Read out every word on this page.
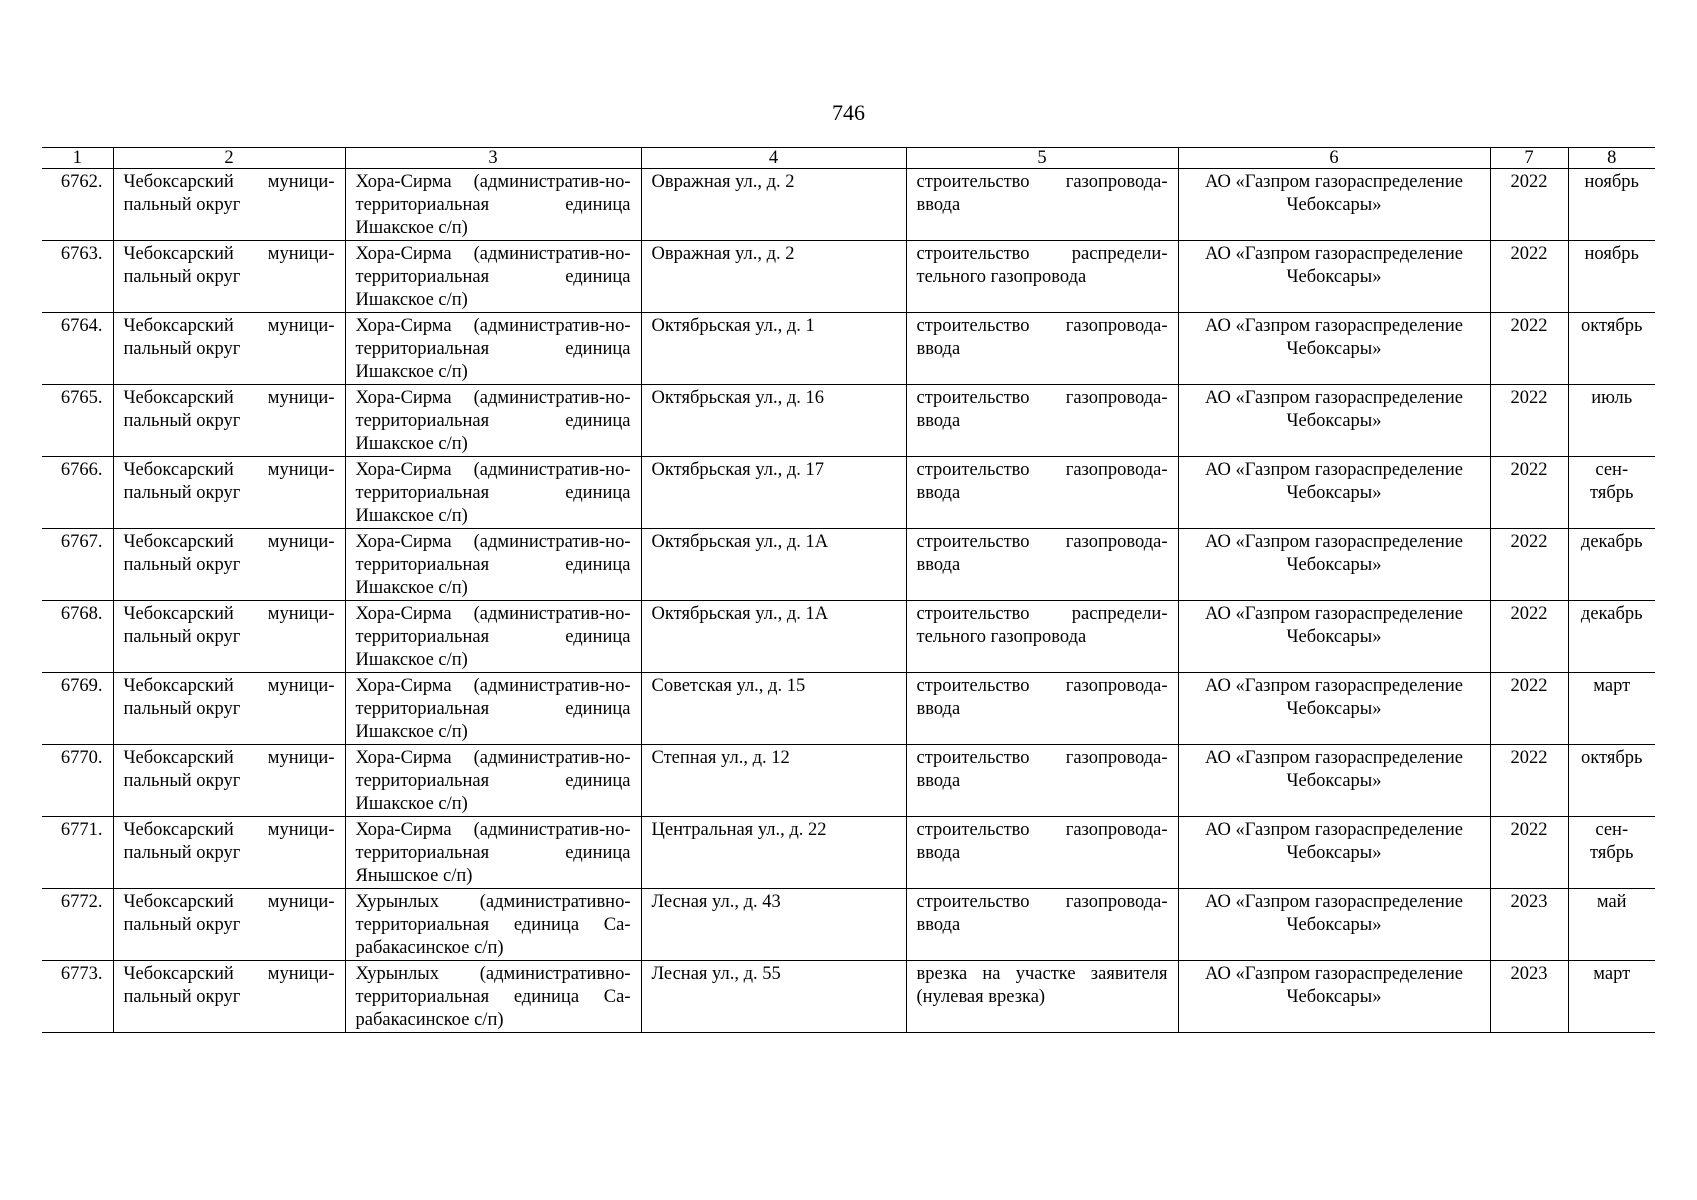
746
1	2	3	4	5	6	7	8
6762.	Чебоксарский муници-пальный округ	Хора-Сирма (административ-но-территориальная единица Ишакское с/п)	Овражная ул., д. 2	строительство газопровода-ввода	АО «Газпром газораспределение Чебоксары»	2022	ноябрь
6763.	Чебоксарский муници-пальный округ	Хора-Сирма (административ-но-территориальная единица Ишакское с/п)	Овражная ул., д. 2	строительство распредели-тельного газопровода	АО «Газпром газораспределение Чебоксары»	2022	ноябрь
6764.	Чебоксарский муници-пальный округ	Хора-Сирма (административ-но-территориальная единица Ишакское с/п)	Октябрьская ул., д. 1	строительство газопровода-ввода	АО «Газпром газораспределение Чебоксары»	2022	октябрь
6765.	Чебоксарский муници-пальный округ	Хора-Сирма (административ-но-территориальная единица Ишакское с/п)	Октябрьская ул., д. 16	строительство газопровода-ввода	АО «Газпром газораспределение Чебоксары»	2022	июль
6766.	Чебоксарский муници-пальный округ	Хора-Сирма (административ-но-территориальная единица Ишакское с/п)	Октябрьская ул., д. 17	строительство газопровода-ввода	АО «Газпром газораспределение Чебоксары»	2022	сен-тябрь
6767.	Чебоксарский муници-пальный округ	Хора-Сирма (административ-но-территориальная единица Ишакское с/п)	Октябрьская ул., д. 1А	строительство газопровода-ввода	АО «Газпром газораспределение Чебоксары»	2022	декабрь
6768.	Чебоксарский муници-пальный округ	Хора-Сирма (административ-но-территориальная единица Ишакское с/п)	Октябрьская ул., д. 1А	строительство распредели-тельного газопровода	АО «Газпром газораспределение Чебоксары»	2022	декабрь
6769.	Чебоксарский муници-пальный округ	Хора-Сирма (административ-но-территориальная единица Ишакское с/п)	Советская ул., д. 15	строительство газопровода-ввода	АО «Газпром газораспределение Чебоксары»	2022	март
6770.	Чебоксарский муници-пальный округ	Хора-Сирма (административ-но-территориальная единица Ишакское с/п)	Степная ул., д. 12	строительство газопровода-ввода	АО «Газпром газораспределение Чебоксары»	2022	октябрь
6771.	Чебоксарский муници-пальный округ	Хора-Сирма (административ-но-территориальная единица Янышское с/п)	Центральная ул., д. 22	строительство газопровода-ввода	АО «Газпром газораспределение Чебоксары»	2022	сен-тябрь
6772.	Чебоксарский муници-пальный округ	Хурынлых (административно-территориальная единица Са-рабакасинское с/п)	Лесная ул., д. 43	строительство газопровода-ввода	АО «Газпром газораспределение Чебоксары»	2023	май
6773.	Чебоксарский муници-пальный округ	Хурынлых (административно-территориальная единица Са-рабакасинское с/п)	Лесная ул., д. 55	врезка на участке заявителя (нулевая врезка)	АО «Газпром газораспределение Чебоксары»	2023	март
